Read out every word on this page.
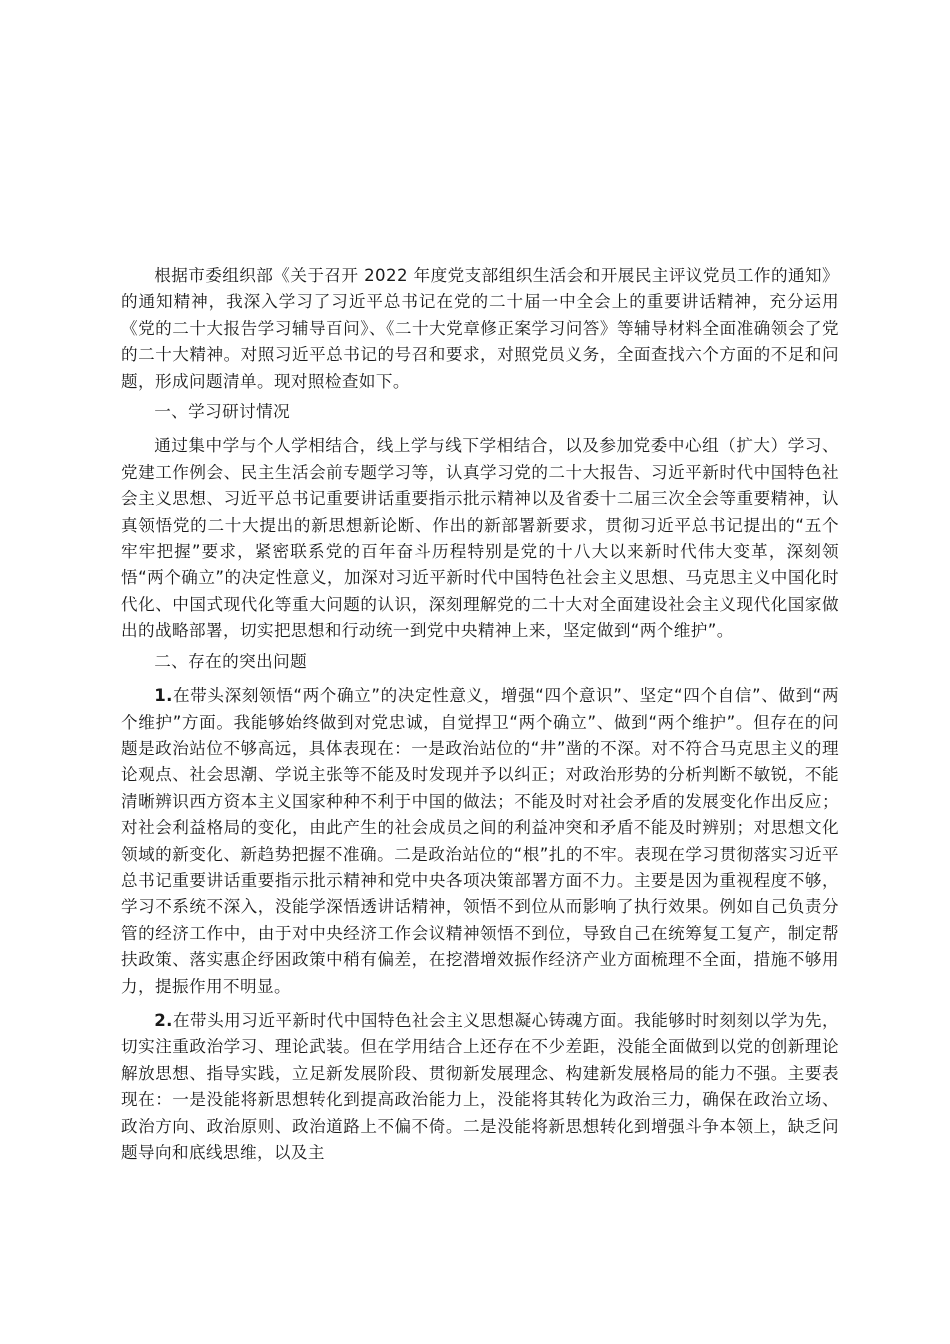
根据市委组织部《关于召开 2022 年度党支部组织生活会和开展民主评议党员工作的通知》的通知精神，我深入学习了习近平总书记在党的二十届一中全会上的重要讲话精神，充分运用《党的二十大报告学习辅导百问》、《二十大党章修正案学习问答》等辅导材料全面准确领会了党的二十大精神。对照习近平总书记的号召和要求，对照党员义务，全面查找六个方面的不足和问题，形成问题清单。现对照检查如下。

一、学习研讨情况

通过集中学与个人学相结合，线上学与线下学相结合，以及参加党委中心组（扩大）学习、党建工作例会、民主生活会前专题学习等，认真学习党的二十大报告、习近平新时代中国特色社会主义思想、习近平总书记重要讲话重要指示批示精神以及省委十二届三次全会等重要精神，认真领悟党的二十大提出的新思想新论断、作出的新部署新要求，贯彻习近平总书记提出的“五个牢牢把握”要求，紧密联系党的百年奋斗历程特别是党的十八大以来新时代伟大变革，深刻领悟“两个确立”的决定性意义，加深对习近平新时代中国特色社会主义思想、马克思主义中国化时代化、中国式现代化等重大问题的认识，深刻理解党的二十大对全面建设社会主义现代化国家做出的战略部署，切实把思想和行动统一到党中央精神上来，坚定做到“两个维护”。

二、存在的突出问题

1.在带头深刻领悟“两个确立”的决定性意义，增强“四个意识”、坚定“四个自信”、做到“两个维护”方面。我能够始终做到对党忠诚，自觉捍卫“两个确立”、做到“两个维护”。但存在的问题是政治站位不够高远，具体表现在：一是政治站位的“井”凿的不深。对不符合马克思主义的理论观点、社会思潮、学说主张等不能及时发现并予以纠正；对政治形势的分析判断不敏锐，不能清晰辨识西方资本主义国家种种不利于中国的做法；不能及时对社会矛盾的发展变化作出反应；对社会利益格局的变化，由此产生的社会成员之间的利益冲突和矛盾不能及时辨别；对思想文化领域的新变化、新趋势把握不准确。二是政治站位的“根”扎的不牢。表现在学习贯彻落实习近平总书记重要讲话重要指示批示精神和党中央各项决策部署方面不力。主要是因为重视程度不够，学习不系统不深入，没能学深悟透讲话精神，领悟不到位从而影响了执行效果。例如自己负责分管的经济工作中，由于对中央经济工作会议精神领悟不到位，导致自己在统筹复工复产，制定帮扶政策、落实惠企纾困政策中稍有偏差，在挖潜增效振作经济产业方面梳理不全面，措施不够用力，提振作用不明显。

2.在带头用习近平新时代中国特色社会主义思想凝心铸魂方面。我能够时时刻刻以学为先，切实注重政治学习、理论武装。但在学用结合上还存在不少差距，没能全面做到以党的创新理论解放思想、指导实践，立足新发展阶段、贯彻新发展理念、构建新发展格局的能力不强。主要表现在：一是没能将新思想转化到提高政治能力上，没能将其转化为政治三力，确保在政治立场、政治方向、政治原则、政治道路上不偏不倚。二是没能将新思想转化到增强斗争本领上，缺乏问题导向和底线思维，以及主
